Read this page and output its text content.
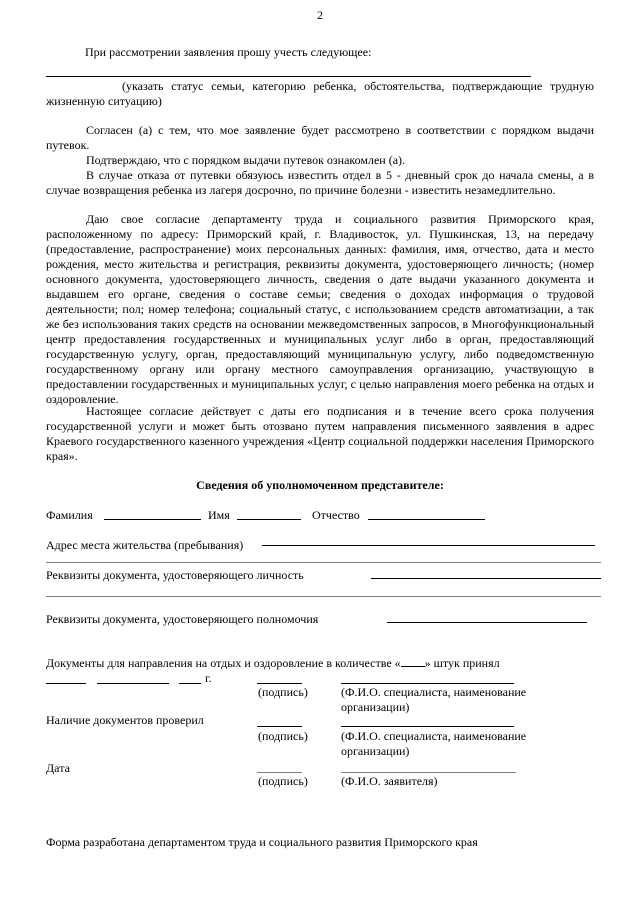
2
При рассмотрении заявления прошу учесть следующее:
(указать статус семьи, категорию ребенка, обстоятельства, подтверждающие трудную жизненную ситуацию)
Согласен (а) с тем, что мое заявление будет рассмотрено в соответствии с порядком выдачи путевок.
Подтверждаю, что с порядком выдачи путевок ознакомлен (а).
В случае отказа от путевки обязуюсь известить отдел в 5 - дневный срок до начала смены, а в случае возвращения ребенка из лагеря досрочно, по причине болезни - известить незамедлительно.
Даю свое согласие департаменту труда и социального развития Приморского края, расположенному по адресу: Приморский край, г. Владивосток, ул. Пушкинская, 13, на передачу (предоставление, распространение) моих персональных данных: фамилия, имя, отчество, дата и место рождения, место жительства и регистрация, реквизиты документа, удостоверяющего личность; (номер основного документа, удостоверяющего личность, сведения о дате выдачи указанного документа и выдавшем его органе, сведения о составе семьи; сведения о доходах информация о трудовой деятельности; пол; номер телефона; социальный статус, с использованием средств автоматизации, а так же без использования таких средств на основании межведомственных запросов, в Многофункциональный центр предоставления государственных и муниципальных услуг либо в орган, предоставляющий государственную услугу, орган, предоставляющий муниципальную услугу, либо подведомственную государственному органу или органу местного самоуправления организацию, участвующую в предоставлении государственных и муниципальных услуг, с целью направления моего ребенка на отдых и оздоровление.
Настоящее согласие действует с даты его подписания и в течение всего срока получения государственной услуги и может быть отозвано путем направления письменного заявления в адрес Краевого государственного казенного учреждения «Центр социальной поддержки населения Приморского края».
Сведения об уполномоченном представителе:
Фамилия	Имя	Отчество
Адрес места жительства (пребывания)
Реквизиты документа, удостоверяющего личность
Реквизиты документа, удостоверяющего полномочия
Документы для направления на отдых и оздоровление в количестве « » штук принял
г.
(подпись)	(Ф.И.О. специалиста, наименование организации)
Наличие документов проверил
(подпись)	(Ф.И.О. специалиста, наименование организации)
Дата
(подпись)	(Ф.И.О. заявителя)
Форма разработана департаментом труда и социального развития Приморского края
